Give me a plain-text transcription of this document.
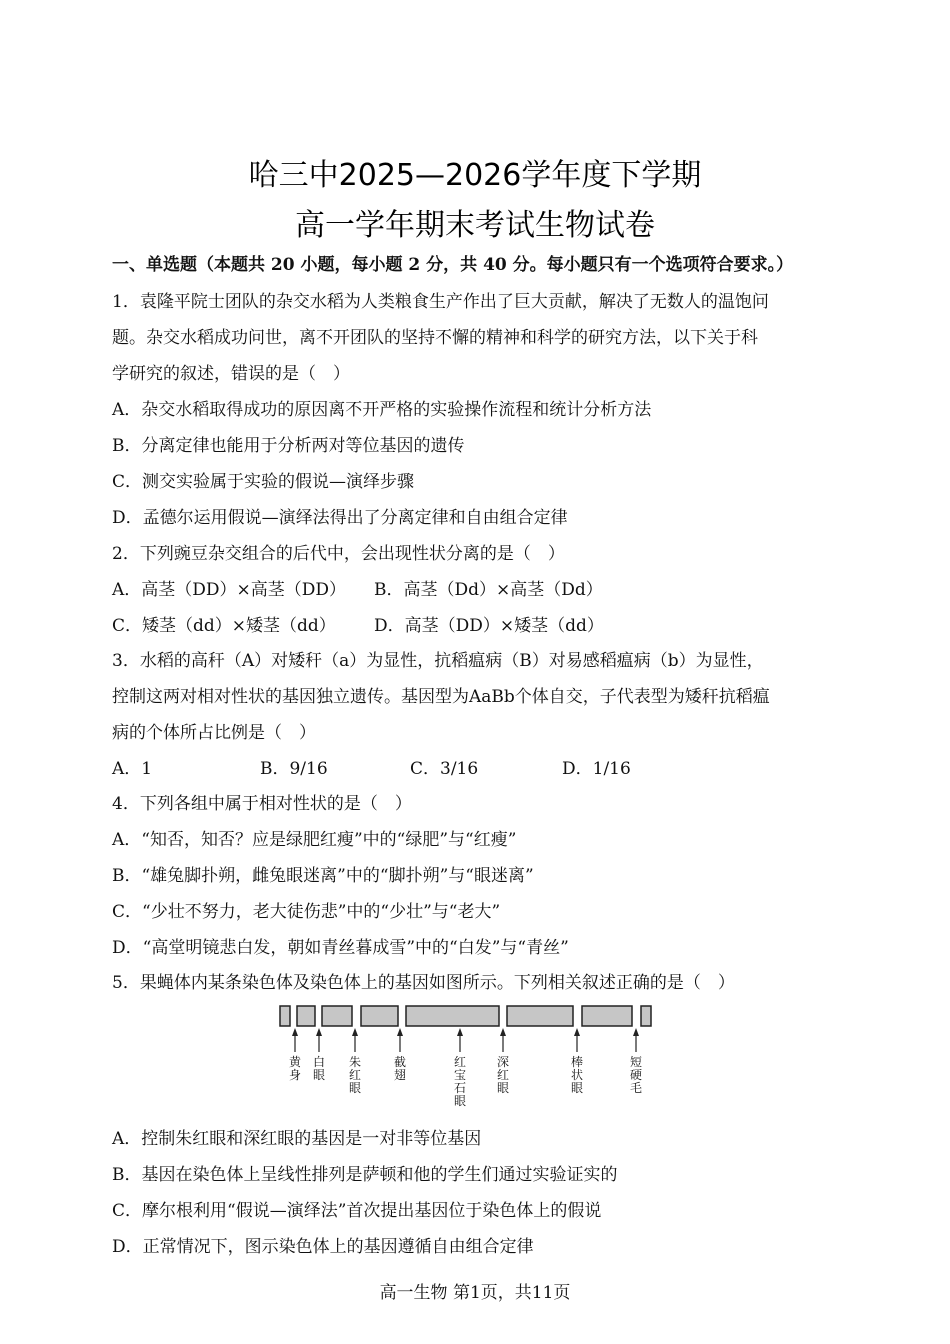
哈三中2025—2026学年度下学期
高一学年期末考试生物试卷
一、单选题（本题共 20 小题，每小题 2 分，共 40 分。每小题只有一个选项符合要求。）
1．袁隆平院士团队的杂交水稻为人类粮食生产作出了巨大贡献，解决了无数人的温饱问
题。杂交水稻成功问世，离不开团队的坚持不懈的精神和科学的研究方法，以下关于科
学研究的叙述，错误的是（　）
A．杂交水稻取得成功的原因离不开严格的实验操作流程和统计分析方法
B．分离定律也能用于分析两对等位基因的遗传
C．测交实验属于实验的假说—演绎步骤
D．孟德尔运用假说—演绎法得出了分离定律和自由组合定律
2．下列豌豆杂交组合的后代中，会出现性状分离的是（　）
A．高茎（DD）×高茎（DD） B．高茎（Dd）×高茎（Dd）
C．矮茎（dd）×矮茎（dd） D．高茎（DD）×矮茎（dd）
3．水稻的高秆（A）对矮秆（a）为显性，抗稻瘟病（B）对易感稻瘟病（b）为显性，
控制这两对相对性状的基因独立遗传。基因型为AaBb个体自交，子代表型为矮秆抗稻瘟
病的个体所占比例是（　）
A．1	B．9/16	C．3/16	D．1/16
4．下列各组中属于相对性状的是（　）
A．“知否，知否？应是绿肥红瘦”中的“绿肥”与“红瘦”
B．“雄兔脚扑朔，雌兔眼迷离”中的“脚扑朔”与“眼迷离”
C．“少壮不努力，老大徒伤悲”中的“少壮”与“老大”
D．“高堂明镜悲白发，朝如青丝暮成雪”中的“白发”与“青丝”
5．果蝇体内某条染色体及染色体上的基因如图所示。下列相关叙述正确的是（　）
黄身
白眼
朱红眼
截翅
红宝石眼
深红眼
棒状眼
短硬毛
A．控制朱红眼和深红眼的基因是一对非等位基因
B．基因在染色体上呈线性排列是萨顿和他的学生们通过实验证实的
C．摩尔根利用“假说—演绎法”首次提出基因位于染色体上的假说
D．正常情况下，图示染色体上的基因遵循自由组合定律
高一生物 第1页，共11页
